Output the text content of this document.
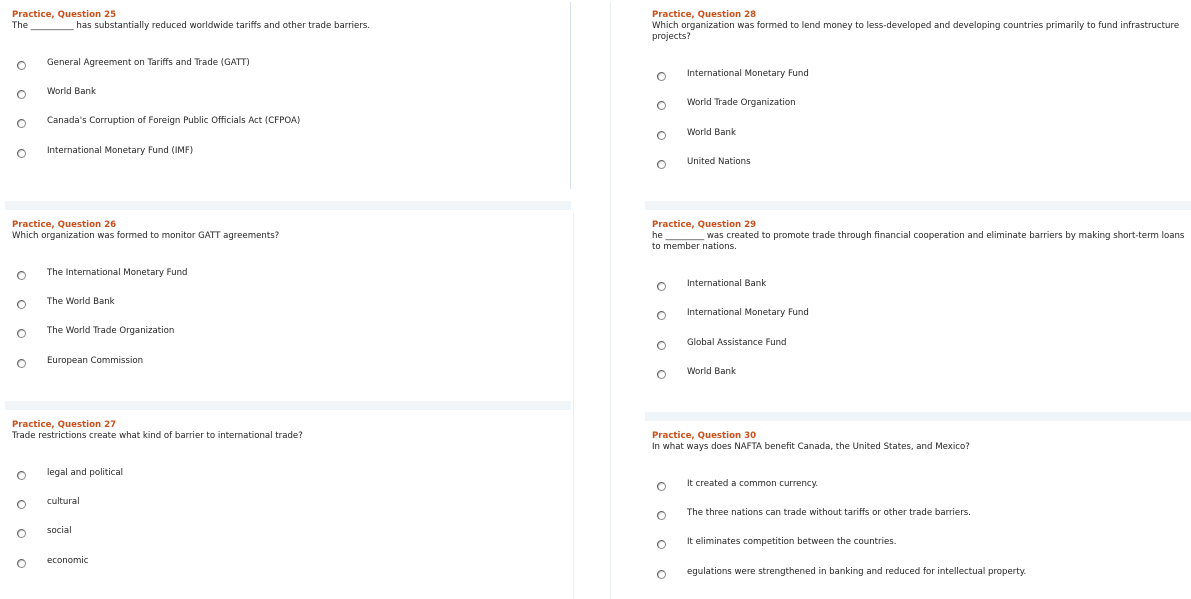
Practice, Question 25
The __________ has substantially reduced worldwide tariffs and other trade barriers.
General Agreement on Tariffs and Trade (GATT)
World Bank
Canada's Corruption of Foreign Public Officials Act (CFPOA)
International Monetary Fund (IMF)
Practice, Question 26
Which organization was formed to monitor GATT agreements?
The International Monetary Fund
The World Bank
The World Trade Organization
European Commission
Practice, Question 27
Trade restrictions create what kind of barrier to international trade?
legal and political
cultural
social
economic
Practice, Question 28
Which organization was formed to lend money to less-developed and developing countries primarily to fund infrastructure projects?
International Monetary Fund
World Trade Organization
World Bank
United Nations
Practice, Question 29
he _________ was created to promote trade through financial cooperation and eliminate barriers by making short-term loans to member nations.
International Bank
International Monetary Fund
Global Assistance Fund
World Bank
Practice, Question 30
In what ways does NAFTA benefit Canada, the United States, and Mexico?
It created a common currency.
The three nations can trade without tariffs or other trade barriers.
It eliminates competition between the countries.
egulations were strengthened in banking and reduced for intellectual property.
